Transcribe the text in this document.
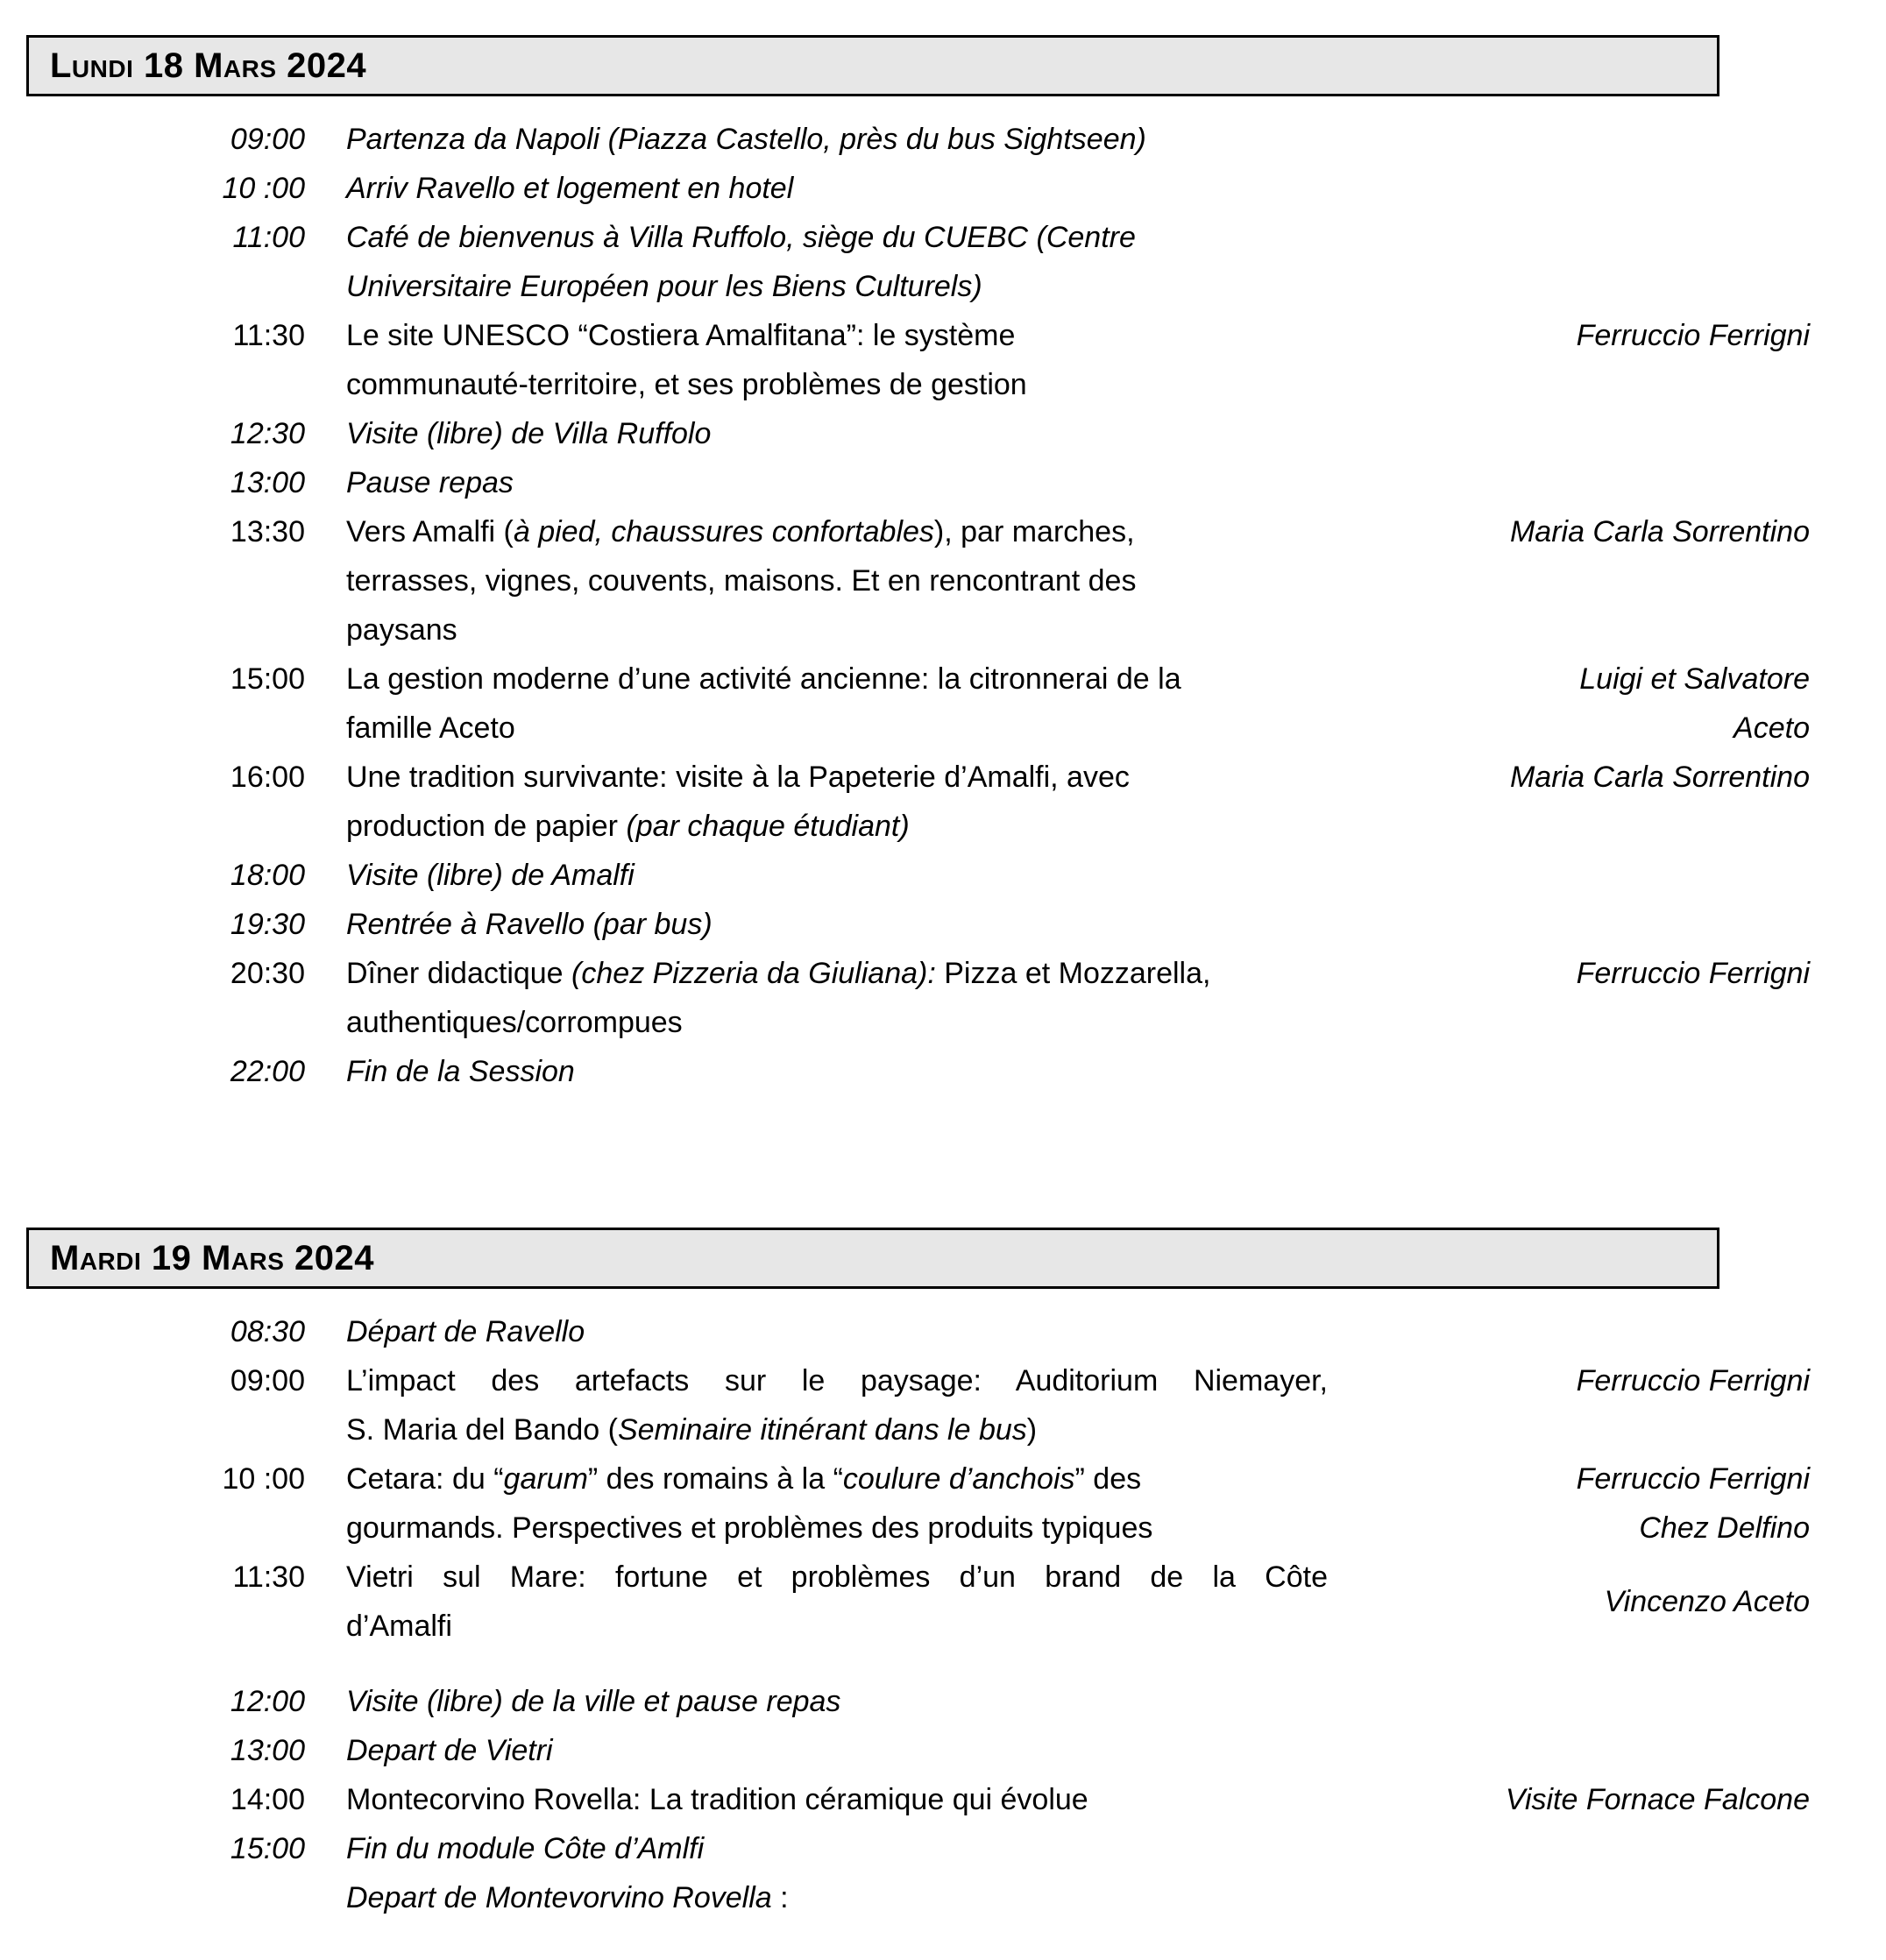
Lundi 18 Mars 2024
09:00 Partenza da Napoli (Piazza Castello, près du bus Sightseen)
10 :00 Arriv Ravello et logement en hotel
11:00 Café de bienvenus à Villa Ruffolo, siège du CUEBC (Centre
Universitaire Européen pour les Biens Culturels)
11:30 Le site UNESCO “Costiera Amalfitana”: le système
communauté-territoire, et ses problèmes de gestion
Ferruccio Ferrigni
12:30 Visite (libre) de Villa Ruffolo
13:00 Pause repas
13:30 Vers Amalfi (à pied, chaussures confortables), par marches,
terrasses, vignes, couvents, maisons. Et en rencontrant des
paysans
Maria Carla Sorrentino
15:00 La gestion moderne d’une activité ancienne: la citronnerai de la
famille Aceto
Luigi et Salvatore
Aceto
16:00 Une tradition survivante: visite à la Papeterie d’Amalfi, avec
production de papier (par chaque étudiant)
Maria Carla Sorrentino
18:00 Visite (libre) de Amalfi
19:30 Rentrée à Ravello (par bus)
20:30 Dîner didactique (chez Pizzeria da Giuliana): Pizza et Mozzarella,
authentiques/corrompues
Ferruccio Ferrigni
22:00 Fin de la Session
Mardi 19 Mars 2024
08:30 Départ de Ravello
09:00 L’impact des artefacts sur le paysage: Auditorium Niemayer,
S. Maria del Bando (Seminaire itinérant dans le bus)
Ferruccio Ferrigni
10 :00 Cetara: du “garum” des romains à la “coulure d’anchois” des
gourmands. Perspectives et problèmes des produits typiques
Ferruccio Ferrigni
Chez Delfino
11:30 Vietri sul Mare: fortune et problèmes d’un brand de la Côte
d’Amalfi
Vincenzo Aceto
12:00 Visite (libre) de la ville et pause repas
13:00 Depart de Vietri
14:00 Montecorvino Rovella: La tradition céramique qui évolue	Visite Fornace Falcone
15:00 Fin du module Côte d’Amlfi
Depart de Montevorvino Rovella :
